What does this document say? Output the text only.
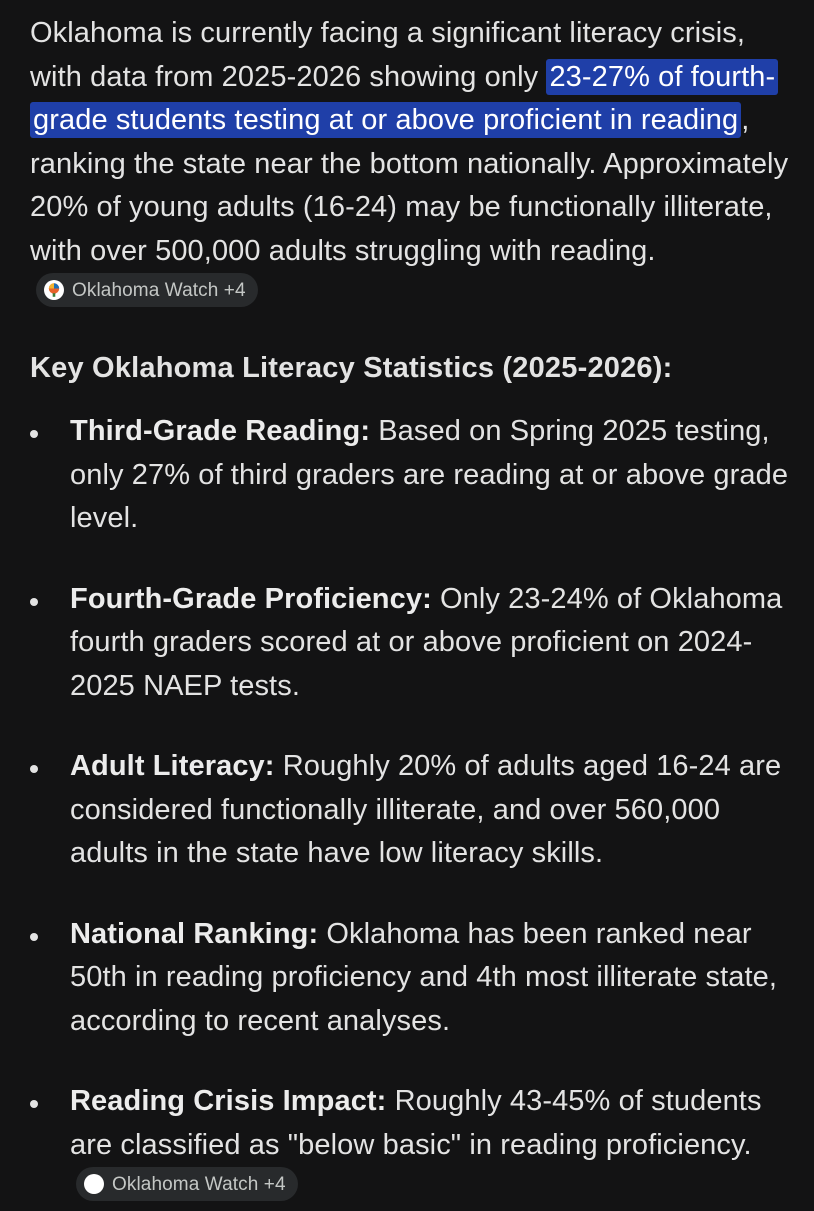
Oklahoma is currently facing a significant literacy crisis, with data from 2025-2026 showing only 23-27% of fourth-grade students testing at or above proficient in reading , ranking the state near the bottom nationally. Approximately 20% of young adults (16-24) may be functionally illiterate, with over 500,000 adults struggling with reading.
Oklahoma Watch +4

Key Oklahoma Literacy Statistics (2025-2026):
Third-Grade Reading: Based on Spring 2025 testing, only 27% of third graders are reading at or above grade level.
Fourth-Grade Proficiency: Only 23-24% of Oklahoma fourth graders scored at or above proficient on 2024-2025 NAEP tests.
Adult Literacy: Roughly 20% of adults aged 16-24 are considered functionally illiterate, and over 560,000 adults in the state have low literacy skills.
National Ranking: Oklahoma has been ranked near 50th in reading proficiency and 4th most illiterate state, according to recent analyses.
Reading Crisis Impact: Roughly 43-45% of students are classified as "below basic" in reading proficiency.
Oklahoma Watch +4
